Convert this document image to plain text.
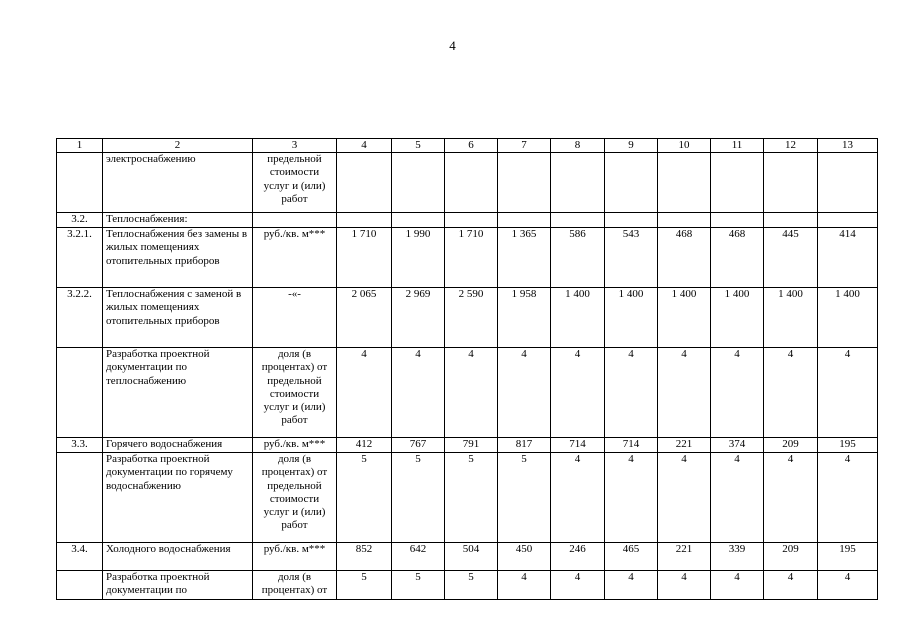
4
1	2	3	4	5	6	7	8	9	10	11	12	13
	электроснабжению	предельной стоимости услуг и (или) работ										
3.2.	Теплоснабжения:											
3.2.1.	Теплоснабжения без замены в жилых помещениях отопительных приборов	руб./кв. м***	1 710	1 990	1 710	1 365	586	543	468	468	445	414
3.2.2.	Теплоснабжения с заменой в жилых помещениях отопительных приборов	-«-	2 065	2 969	2 590	1 958	1 400	1 400	1 400	1 400	1 400	1 400
	Разработка проектной документации по теплоснабжению	доля (в процентах) от предельной стоимости услуг и (или) работ	4	4	4	4	4	4	4	4	4	4
3.3.	Горячего водоснабжения	руб./кв. м***	412	767	791	817	714	714	221	374	209	195
	Разработка проектной документации по горячему водоснабжению	доля (в процентах) от предельной стоимости услуг и (или) работ	5	5	5	5	4	4	4	4	4	4
3.4.	Холодного водоснабжения	руб./кв. м***	852	642	504	450	246	465	221	339	209	195
	Разработка проектной документации по	доля (в процентах) от	5	5	5	4	4	4	4	4	4	4
